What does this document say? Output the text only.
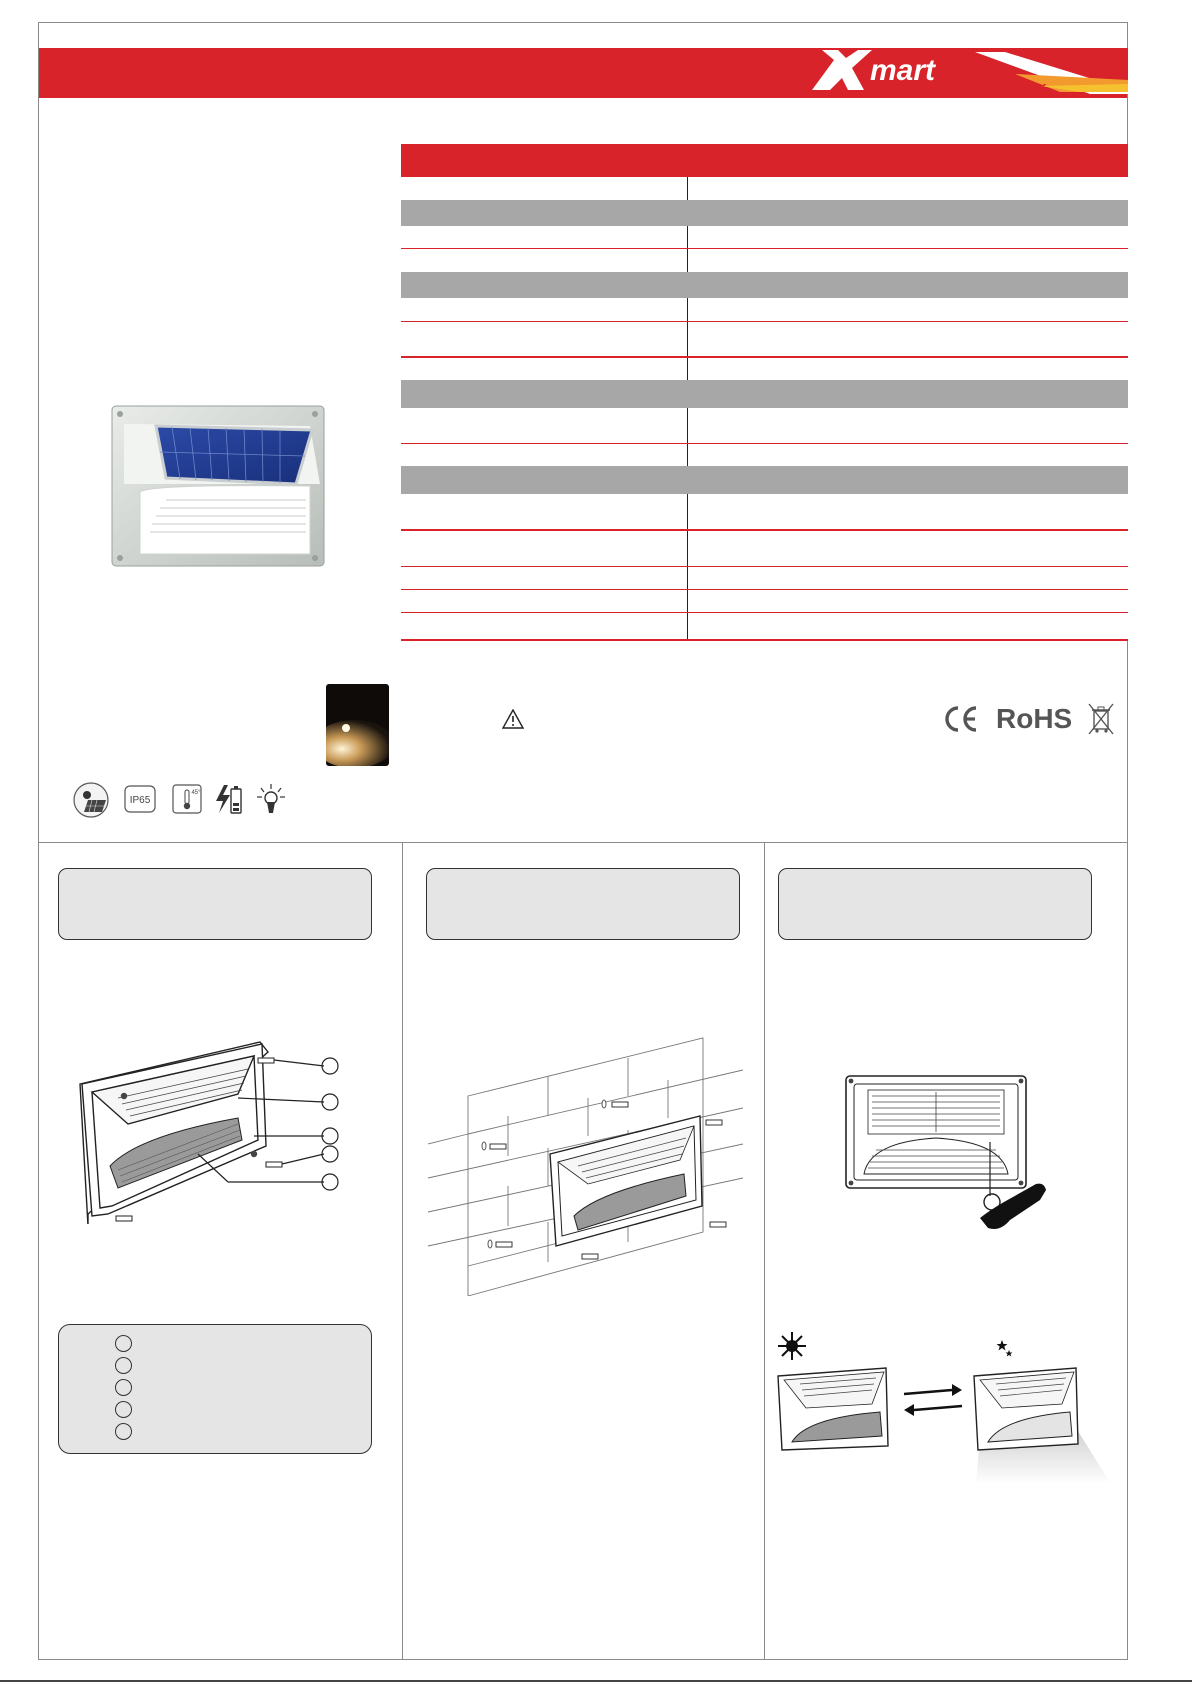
mart
lux
RoHS
IP65
45°
